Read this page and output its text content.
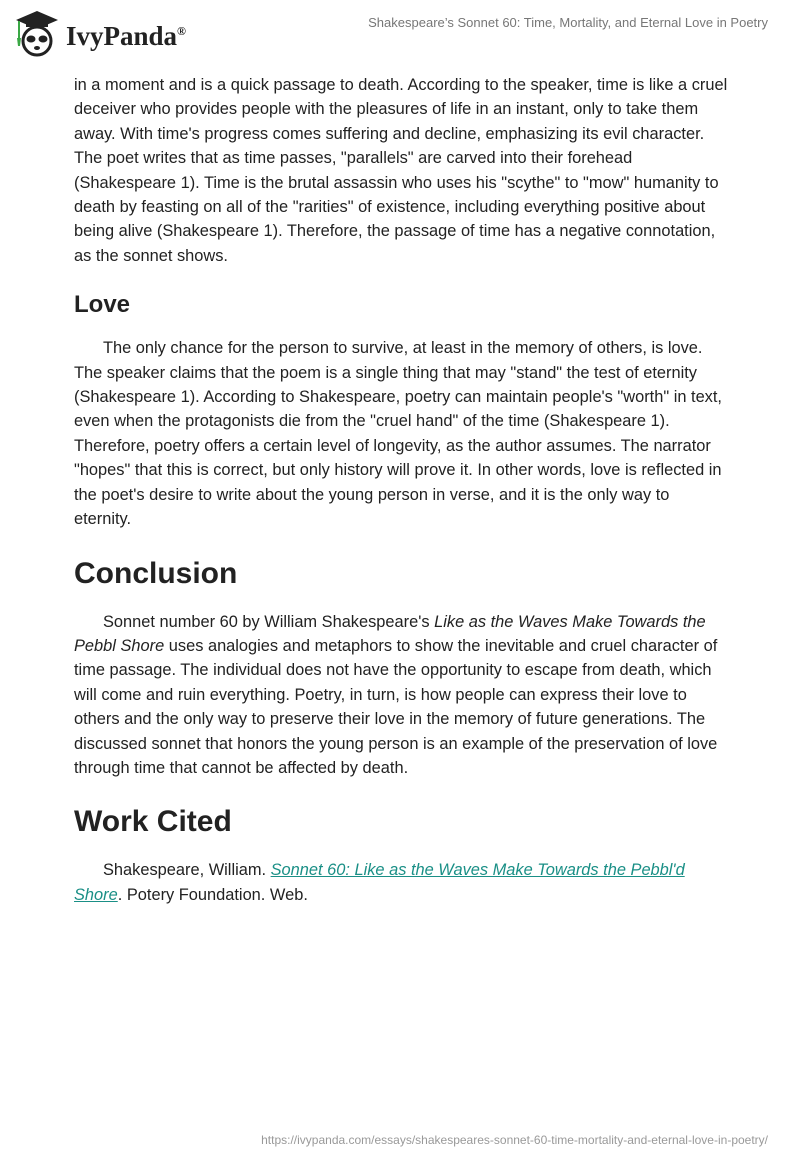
IvyPanda®
Shakespeare’s Sonnet 60: Time, Mortality, and Eternal Love in Poetry

in a moment and is a quick passage to death. According to the speaker, time is like a cruel deceiver who provides people with the pleasures of life in an instant, only to take them away. With time's progress comes suffering and decline, emphasizing its evil character. The poet writes that as time passes, "parallels" are carved into their forehead (Shakespeare 1). Time is the brutal assassin who uses his "scythe" to "mow" humanity to death by feasting on all of the "rarities" of existence, including everything positive about being alive (Shakespeare 1). Therefore, the passage of time has a negative connotation, as the sonnet shows.

Love

The only chance for the person to survive, at least in the memory of others, is love. The speaker claims that the poem is a single thing that may "stand" the test of eternity (Shakespeare 1). According to Shakespeare, poetry can maintain people's "worth" in text, even when the protagonists die from the "cruel hand" of the time (Shakespeare 1). Therefore, poetry offers a certain level of longevity, as the author assumes. The narrator "hopes" that this is correct, but only history will prove it. In other words, love is reflected in the poet's desire to write about the young person in verse, and it is the only way to eternity.

Conclusion

Sonnet number 60 by William Shakespeare's Like as the Waves Make Towards the Pebbl Shore uses analogies and metaphors to show the inevitable and cruel character of time passage. The individual does not have the opportunity to escape from death, which will come and ruin everything. Poetry, in turn, is how people can express their love to others and the only way to preserve their love in the memory of future generations. The discussed sonnet that honors the young person is an example of the preservation of love through time that cannot be affected by death.

Work Cited

Shakespeare, William. Sonnet 60: Like as the Waves Make Towards the Pebbl'd Shore. Potery Foundation. Web.

https://ivypanda.com/essays/shakespeares-sonnet-60-time-mortality-and-eternal-love-in-poetry/
